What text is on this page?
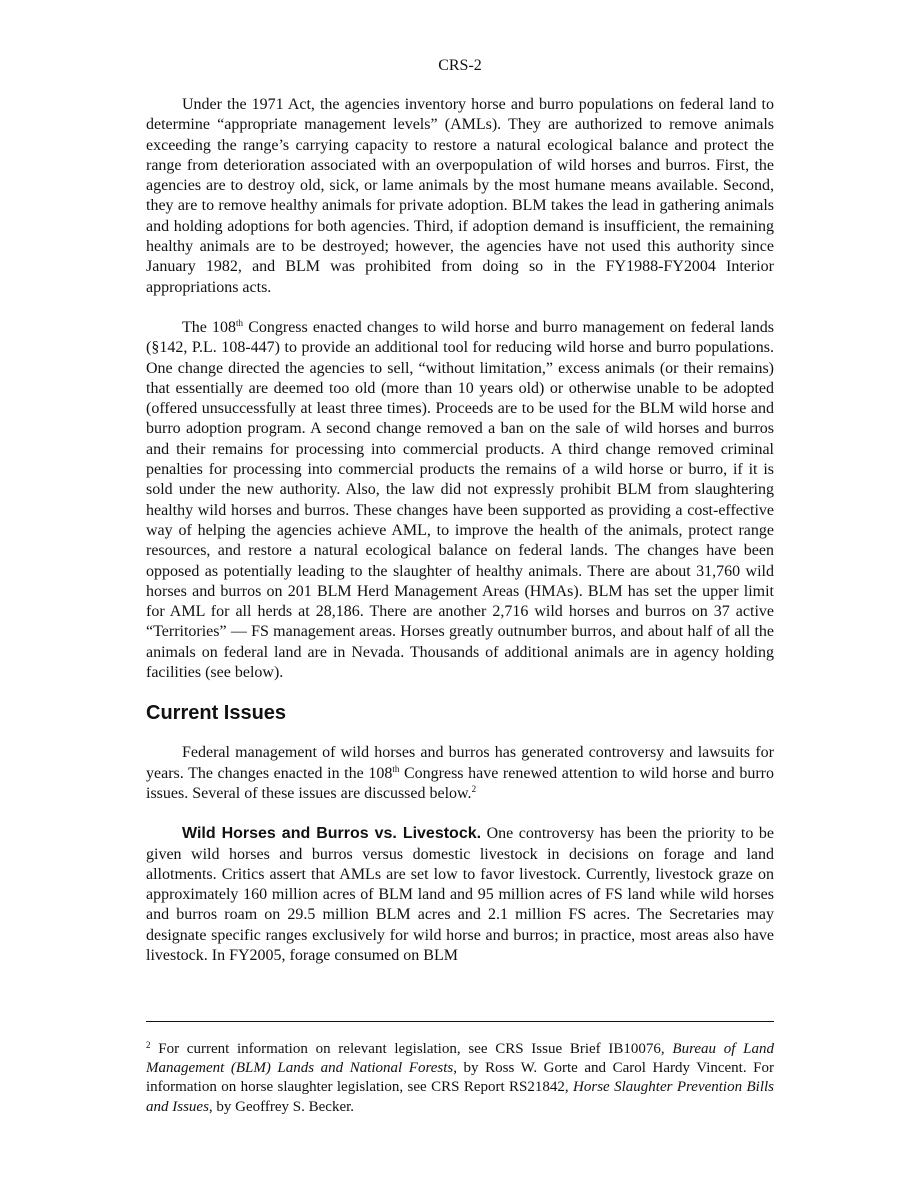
CRS-2

Under the 1971 Act, the agencies inventory horse and burro populations on federal land to determine “appropriate management levels” (AMLs). They are authorized to remove animals exceeding the range’s carrying capacity to restore a natural ecological balance and protect the range from deterioration associated with an overpopulation of wild horses and burros. First, the agencies are to destroy old, sick, or lame animals by the most humane means available. Second, they are to remove healthy animals for private adoption. BLM takes the lead in gathering animals and holding adoptions for both agencies. Third, if adoption demand is insufficient, the remaining healthy animals are to be destroyed; however, the agencies have not used this authority since January 1982, and BLM was prohibited from doing so in the FY1988-FY2004 Interior appropriations acts.

The 108th Congress enacted changes to wild horse and burro management on federal lands (§142, P.L. 108-447) to provide an additional tool for reducing wild horse and burro populations. One change directed the agencies to sell, “without limitation,” excess animals (or their remains) that essentially are deemed too old (more than 10 years old) or otherwise unable to be adopted (offered unsuccessfully at least three times). Proceeds are to be used for the BLM wild horse and burro adoption program. A second change removed a ban on the sale of wild horses and burros and their remains for processing into commercial products. A third change removed criminal penalties for processing into commercial products the remains of a wild horse or burro, if it is sold under the new authority. Also, the law did not expressly prohibit BLM from slaughtering healthy wild horses and burros. These changes have been supported as providing a cost-effective way of helping the agencies achieve AML, to improve the health of the animals, protect range resources, and restore a natural ecological balance on federal lands. The changes have been opposed as potentially leading to the slaughter of healthy animals. There are about 31,760 wild horses and burros on 201 BLM Herd Management Areas (HMAs). BLM has set the upper limit for AML for all herds at 28,186. There are another 2,716 wild horses and burros on 37 active “Territories” — FS management areas. Horses greatly outnumber burros, and about half of all the animals on federal land are in Nevada. Thousands of additional animals are in agency holding facilities (see below).

Current Issues

Federal management of wild horses and burros has generated controversy and lawsuits for years. The changes enacted in the 108th Congress have renewed attention to wild horse and burro issues. Several of these issues are discussed below.$^2$

Wild Horses and Burros vs. Livestock. One controversy has been the priority to be given wild horses and burros versus domestic livestock in decisions on forage and land allotments. Critics assert that AMLs are set low to favor livestock. Currently, livestock graze on approximately 160 million acres of BLM land and 95 million acres of FS land while wild horses and burros roam on 29.5 million BLM acres and 2.1 million FS acres. The Secretaries may designate specific ranges exclusively for wild horse and burros; in practice, most areas also have livestock. In FY2005, forage consumed on BLM

$^2$ For current information on relevant legislation, see CRS Issue Brief IB10076, Bureau of Land Management (BLM) Lands and National Forests, by Ross W. Gorte and Carol Hardy Vincent. For information on horse slaughter legislation, see CRS Report RS21842, Horse Slaughter Prevention Bills and Issues, by Geoffrey S. Becker.
